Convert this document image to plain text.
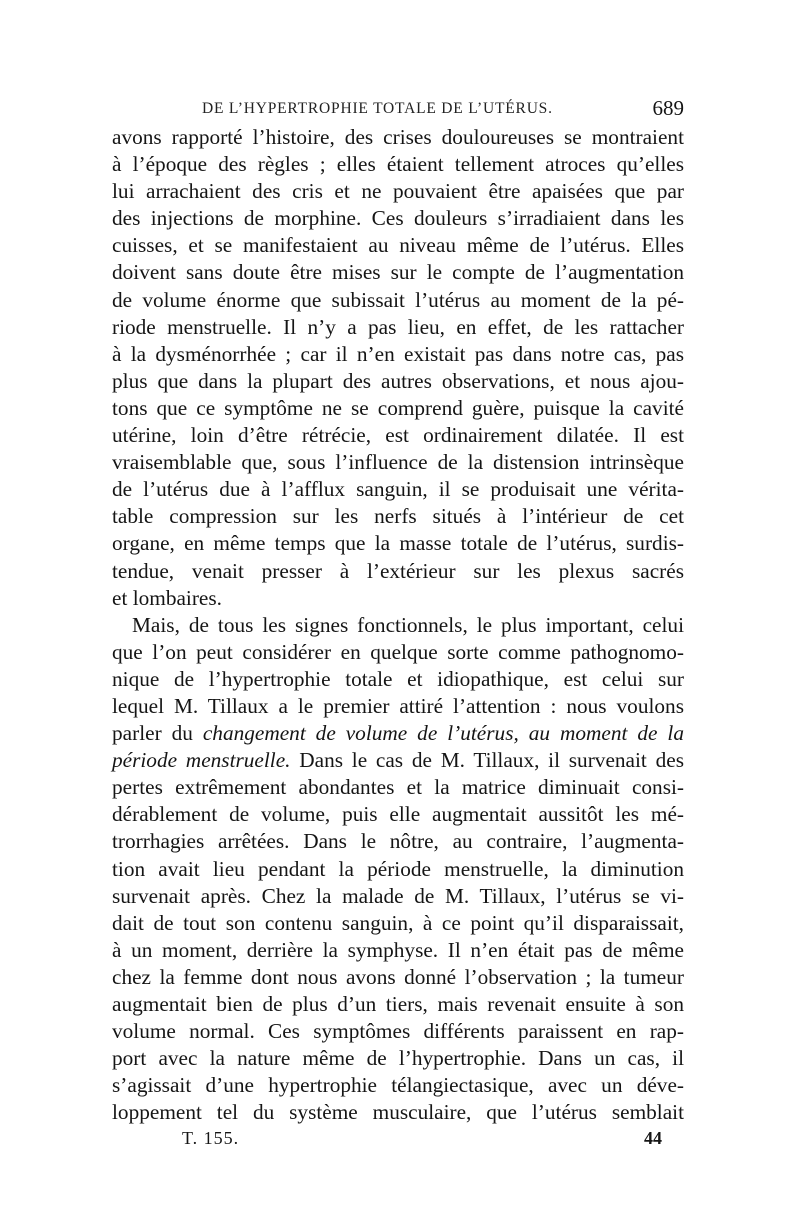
DE L’HYPERTROPHIE TOTALE DE L’UTÉRUS.	689
avons rapporté l’histoire, des crises douloureuses se montraient
à l’époque des règles ; elles étaient tellement atroces qu’elles
lui arrachaient des cris et ne pouvaient être apaisées que par
des injections de morphine. Ces douleurs s’irradiaient dans les
cuisses, et se manifestaient au niveau même de l’utérus. Elles
doivent sans doute être mises sur le compte de l’augmentation
de volume énorme que subissait l’utérus au moment de la pé-
riode menstruelle. Il n’y a pas lieu, en effet, de les rattacher
à la dysménorrhée ; car il n’en existait pas dans notre cas, pas
plus que dans la plupart des autres observations, et nous ajou-
tons que ce symptôme ne se comprend guère, puisque la cavité
utérine, loin d’être rétrécie, est ordinairement dilatée. Il est
vraisemblable que, sous l’influence de la distension intrinsèque
de l’utérus due à l’afflux sanguin, il se produisait une vérita-
table compression sur les nerfs situés à l’intérieur de cet
organe, en même temps que la masse totale de l’utérus, surdis-
tendue, venait presser à l’extérieur sur les plexus sacrés
et lombaires.
Mais, de tous les signes fonctionnels, le plus important, celui
que l’on peut considérer en quelque sorte comme pathognomo-
nique de l’hypertrophie totale et idiopathique, est celui sur
lequel M. Tillaux a le premier attiré l’attention : nous voulons
parler du changement de volume de l’utérus, au moment de la
période menstruelle. Dans le cas de M. Tillaux, il survenait des
pertes extrêmement abondantes et la matrice diminuait consi-
dérablement de volume, puis elle augmentait aussitôt les mé-
trorrhagies arrêtées. Dans le nôtre, au contraire, l’augmenta-
tion avait lieu pendant la période menstruelle, la diminution
survenait après. Chez la malade de M. Tillaux, l’utérus se vi-
dait de tout son contenu sanguin, à ce point qu’il disparaissait,
à un moment, derrière la symphyse. Il n’en était pas de même
chez la femme dont nous avons donné l’observation ; la tumeur
augmentait bien de plus d’un tiers, mais revenait ensuite à son
volume normal. Ces symptômes différents paraissent en rap-
port avec la nature même de l’hypertrophie. Dans un cas, il
s’agissait d’une hypertrophie télangiectasique, avec un déve-
loppement tel du système musculaire, que l’utérus semblait
T. 155.	44
